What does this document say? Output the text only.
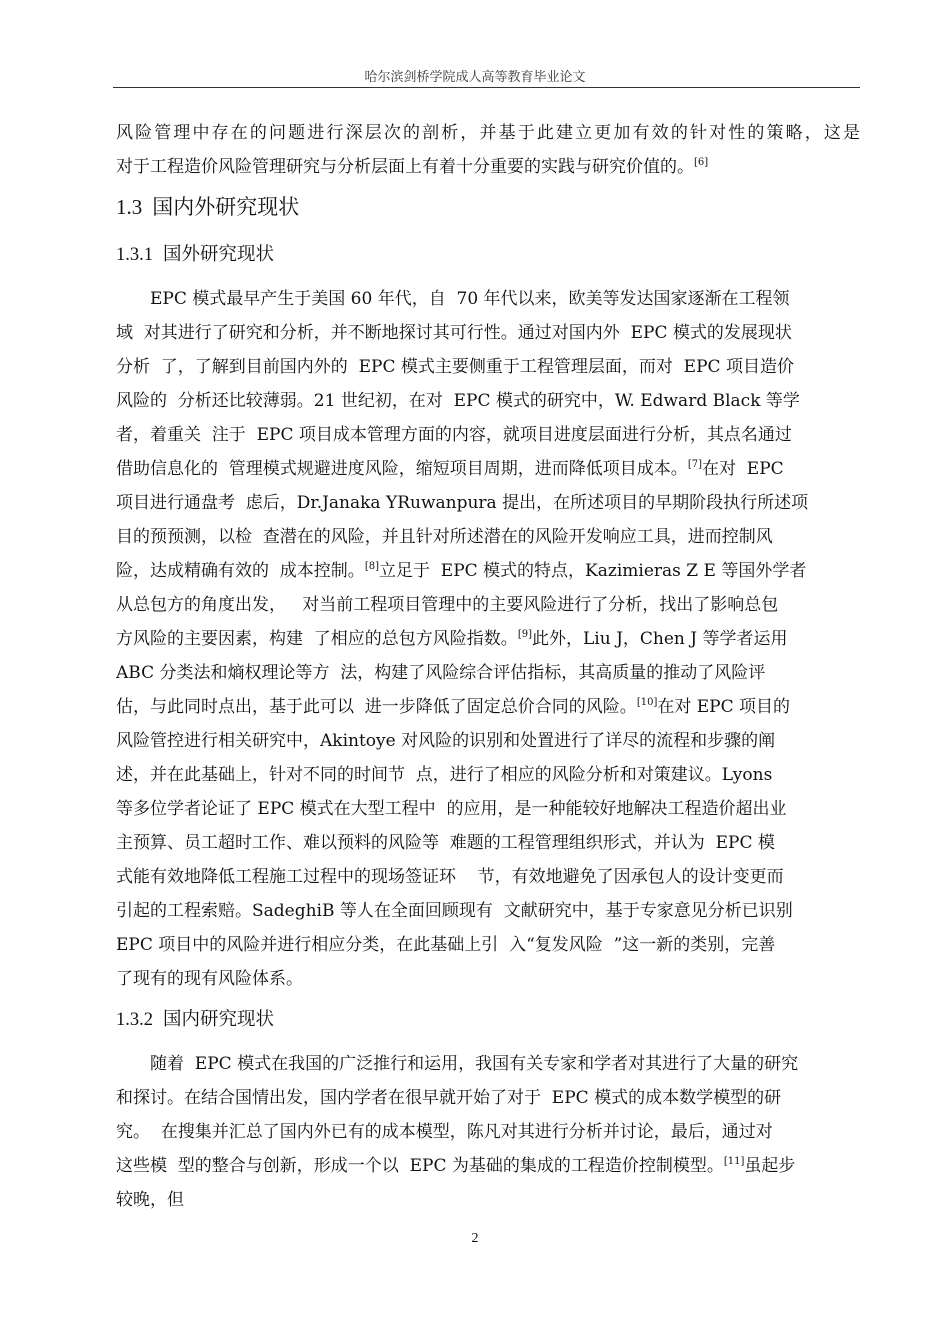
哈尔滨剑桥学院成人高等教育毕业论文

风险管理中存在的问题进行深层次的剖析，并基于此建立更加有效的针对性的策略，这是
对于工程造价风险管理研究与分析层面上有着十分重要的实践与研究价值的。[6]

1.3 国内外研究现状
1.3.1 国外研究现状

EPC 模式最早产生于美国 60 年代，自  70 年代以来，欧美等发达国家逐渐在工程领
域  对其进行了研究和分析，并不断地探讨其可行性。通过对国内外  EPC 模式的发展现状
分析  了，了解到目前国内外的  EPC 模式主要侧重于工程管理层面，而对  EPC 项目造价
风险的  分析还比较薄弱。21 世纪初，在对  EPC 模式的研究中，W. Edward Black 等学
者，着重关  注于  EPC 项目成本管理方面的内容，就项目进度层面进行分析，其点名通过
借助信息化的  管理模式规避进度风险，缩短项目周期，进而降低项目成本。[7]在对  EPC
项目进行通盘考  虑后，Dr.Janaka YRuwanpura 提出，在所述项目的早期阶段执行所述项
目的预预测，以检  查潜在的风险，并且针对所述潜在的风险开发响应工具，进而控制风
险，达成精确有效的  成本控制。[8]立足于  EPC 模式的特点，Kazimieras Z E 等国外学者
从总包方的角度出发，   对当前工程项目管理中的主要风险进行了分析，找出了影响总包
方风险的主要因素，构建  了相应的总包方风险指数。[9]此外，Liu J，Chen J 等学者运用
ABC 分类法和熵权理论等方  法，构建了风险综合评估指标，其高质量的推动了风险评
估，与此同时点出，基于此可以  进一步降低了固定总价合同的风险。[10]在对 EPC 项目的
风险管控进行相关研究中，Akintoye 对风险的识别和处置进行了详尽的流程和步骤的阐
述，并在此基础上，针对不同的时间节  点，进行了相应的风险分析和对策建议。Lyons
等多位学者论证了 EPC 模式在大型工程中  的应用，是一种能较好地解决工程造价超出业
主预算、员工超时工作、难以预料的风险等  难题的工程管理组织形式，并认为  EPC 模
式能有效地降低工程施工过程中的现场签证环    节，有效地避免了因承包人的设计变更而
引起的工程索赔。SadeghiB 等人在全面回顾现有  文献研究中，基于专家意见分析已识别
EPC 项目中的风险并进行相应分类，在此基础上引  入“复发风险  ”这一新的类别，完善
了现有的现有风险体系。

1.3.2 国内研究现状

随着  EPC 模式在我国的广泛推行和运用，我国有关专家和学者对其进行了大量的研究
和探讨。在结合国情出发，国内学者在很早就开始了对于  EPC 模式的成本数学模型的研
究。  在搜集并汇总了国内外已有的成本模型，陈凡对其进行分析并讨论，最后，通过对
这些模  型的整合与创新，形成一个以  EPC 为基础的集成的工程造价控制模型。[11]虽起步
较晚，但

2
